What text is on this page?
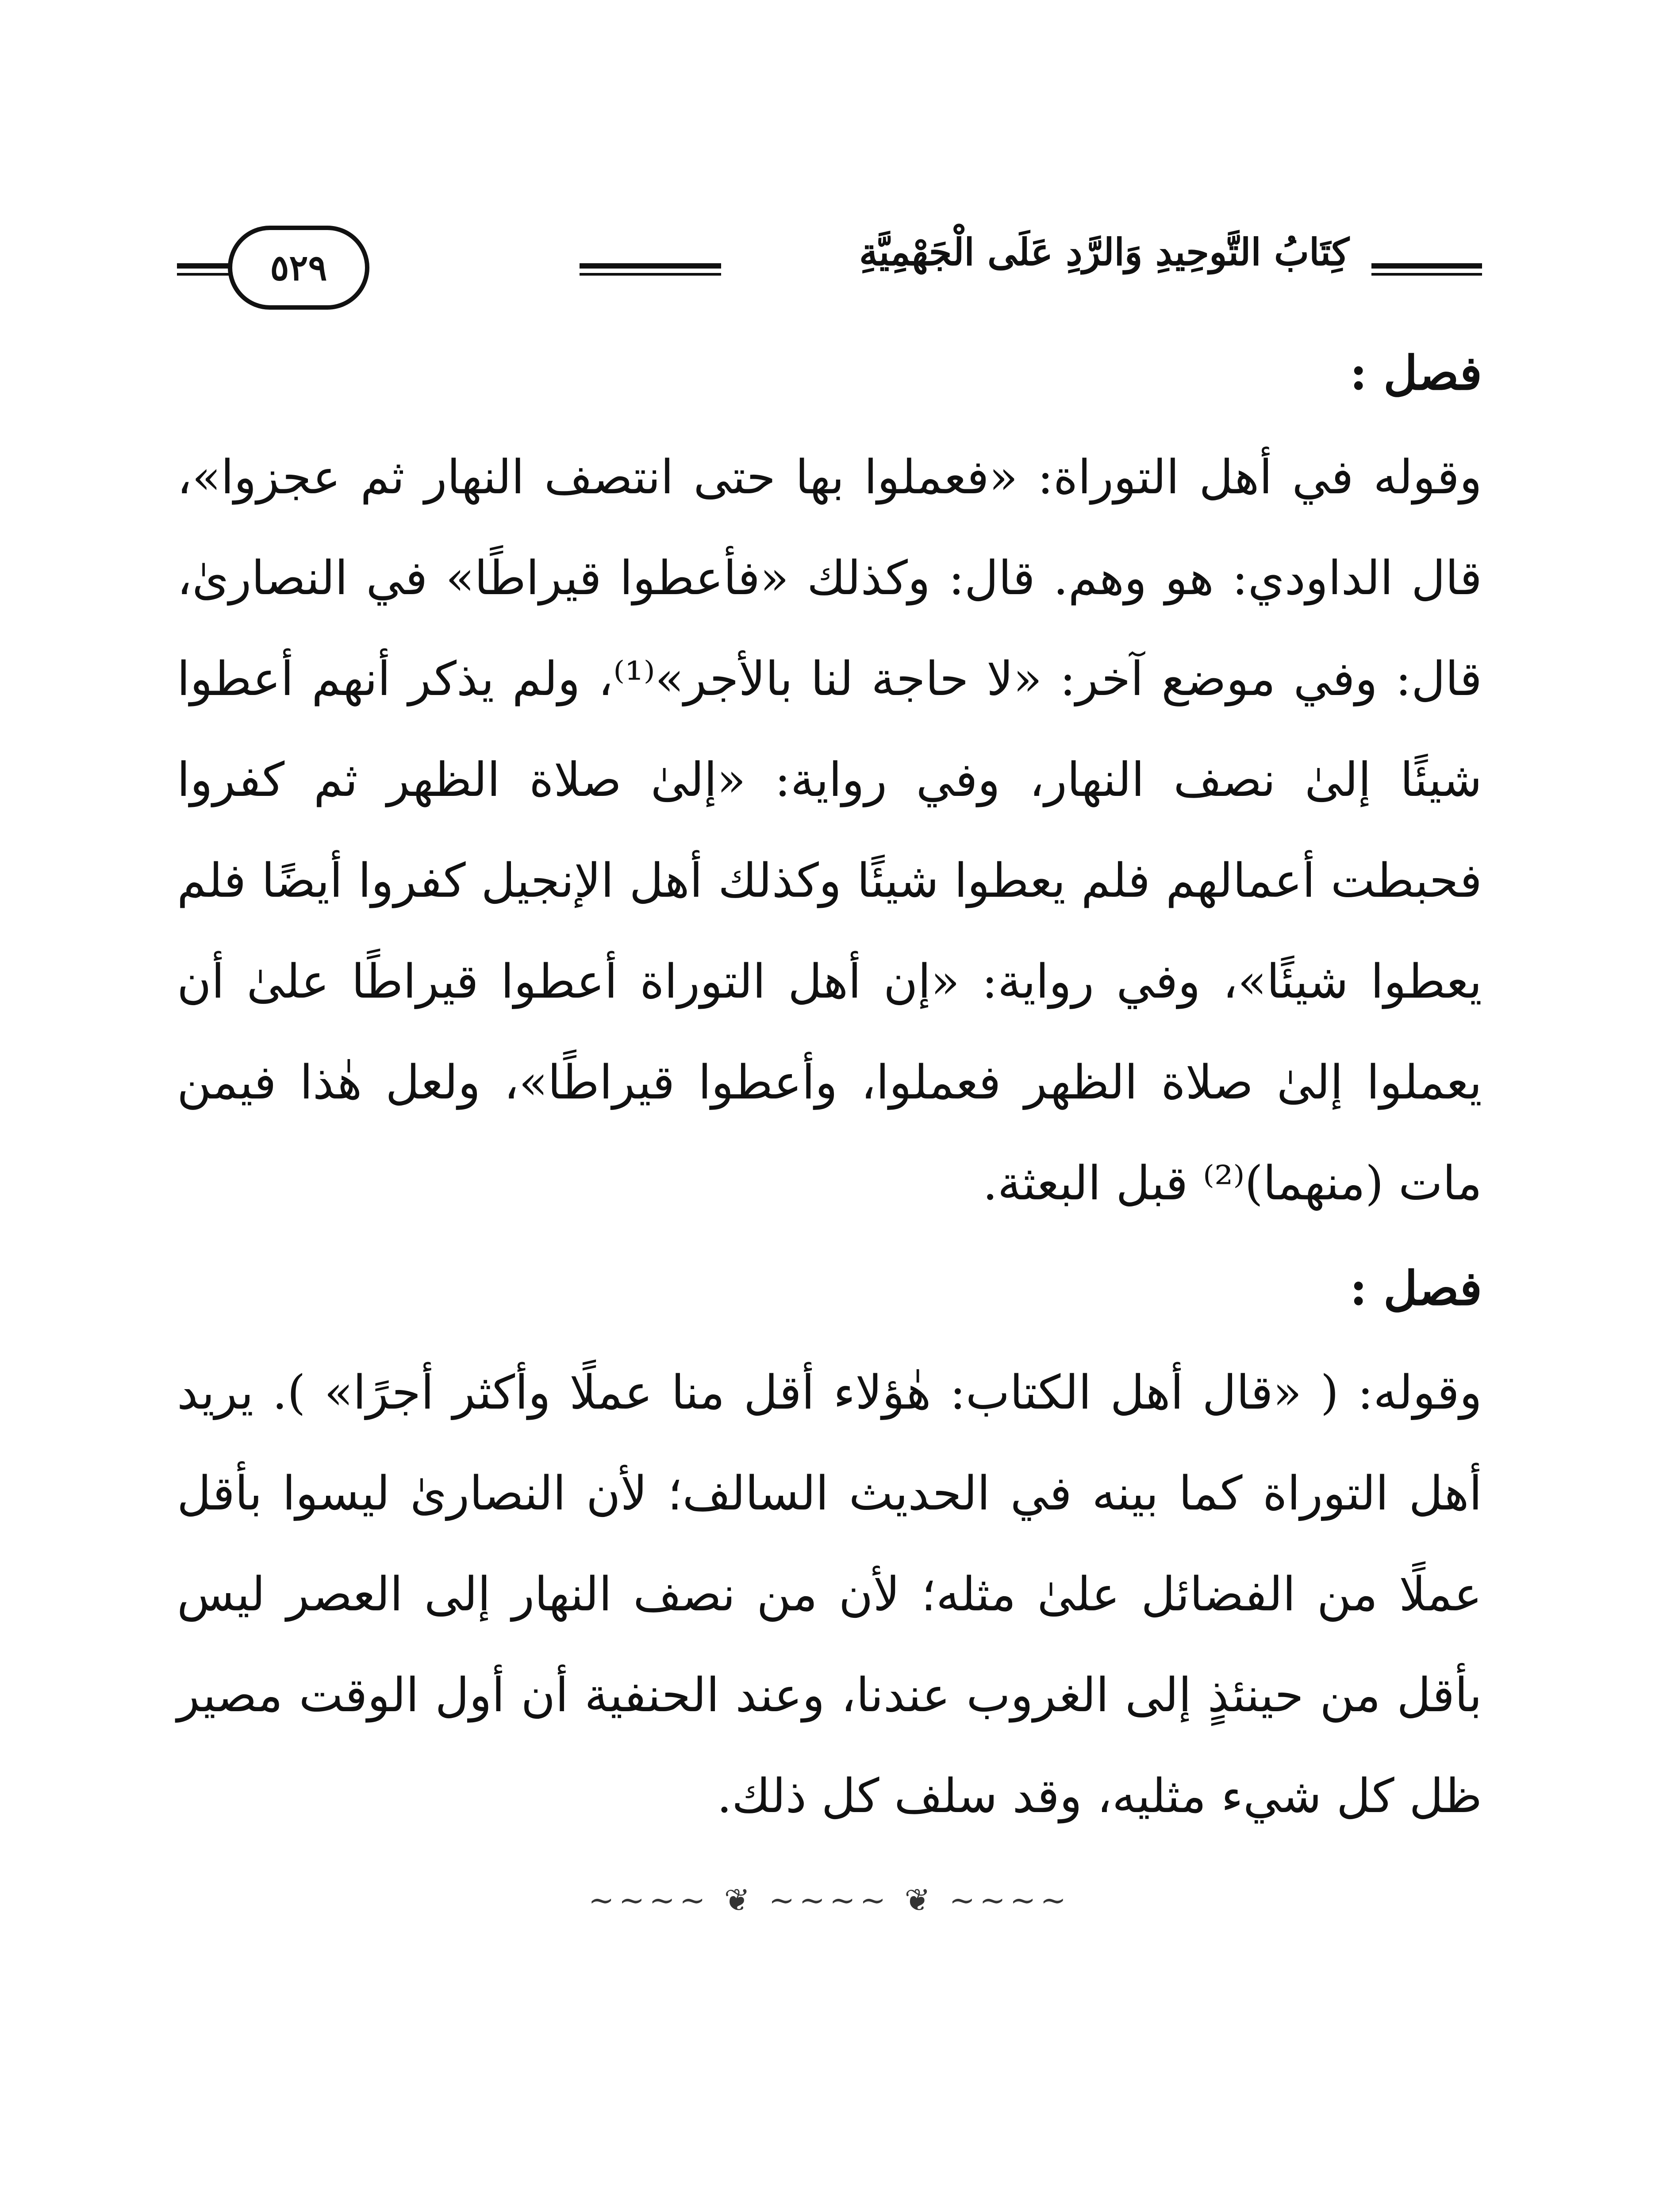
كِتَابُ التَّوحِيدِ وَالرَّدِ عَلَى الْجَهْمِيَّةِ
٥٢٩
فصل :

وقوله في أهل التوراة: «فعملوا بها حتى انتصف النهار ثم عجزوا»، قال الداودي: هو وهم. قال: وكذلك «فأعطوا قيراطًا» في النصارىٰ، قال: وفي موضع آخر: «لا حاجة لنا بالأجر»⁽¹⁾، ولم يذكر أنهم أعطوا شيئًا إلىٰ نصف النهار، وفي رواية: «إلىٰ صلاة الظهر ثم كفروا فحبطت أعمالهم فلم يعطوا شيئًا وكذلك أهل الإنجيل كفروا أيضًا فلم يعطوا شيئًا»، وفي رواية: «إن أهل التوراة أعطوا قيراطًا علىٰ أن يعملوا إلىٰ صلاة الظهر فعملوا، وأعطوا قيراطًا»، ولعل هٰذا فيمن مات (منهما)⁽²⁾ قبل البعثة.

فصل :

وقوله: ( «قال أهل الكتاب: هٰؤلاء أقل منا عملًا وأكثر أجرًا» ). يريد أهل التوراة كما بينه في الحديث السالف؛ لأن النصارىٰ ليسوا بأقل عملًا من الفضائل علىٰ مثله؛ لأن من نصف النهار إلى العصر ليس بأقل من حينئذٍ إلى الغروب عندنا، وعند الحنفية أن أول الوقت مصير ظل كل شيء مثليه، وقد سلف كل ذلك.

~~~~ ❦ ~~~~ ❦ ~~~~
